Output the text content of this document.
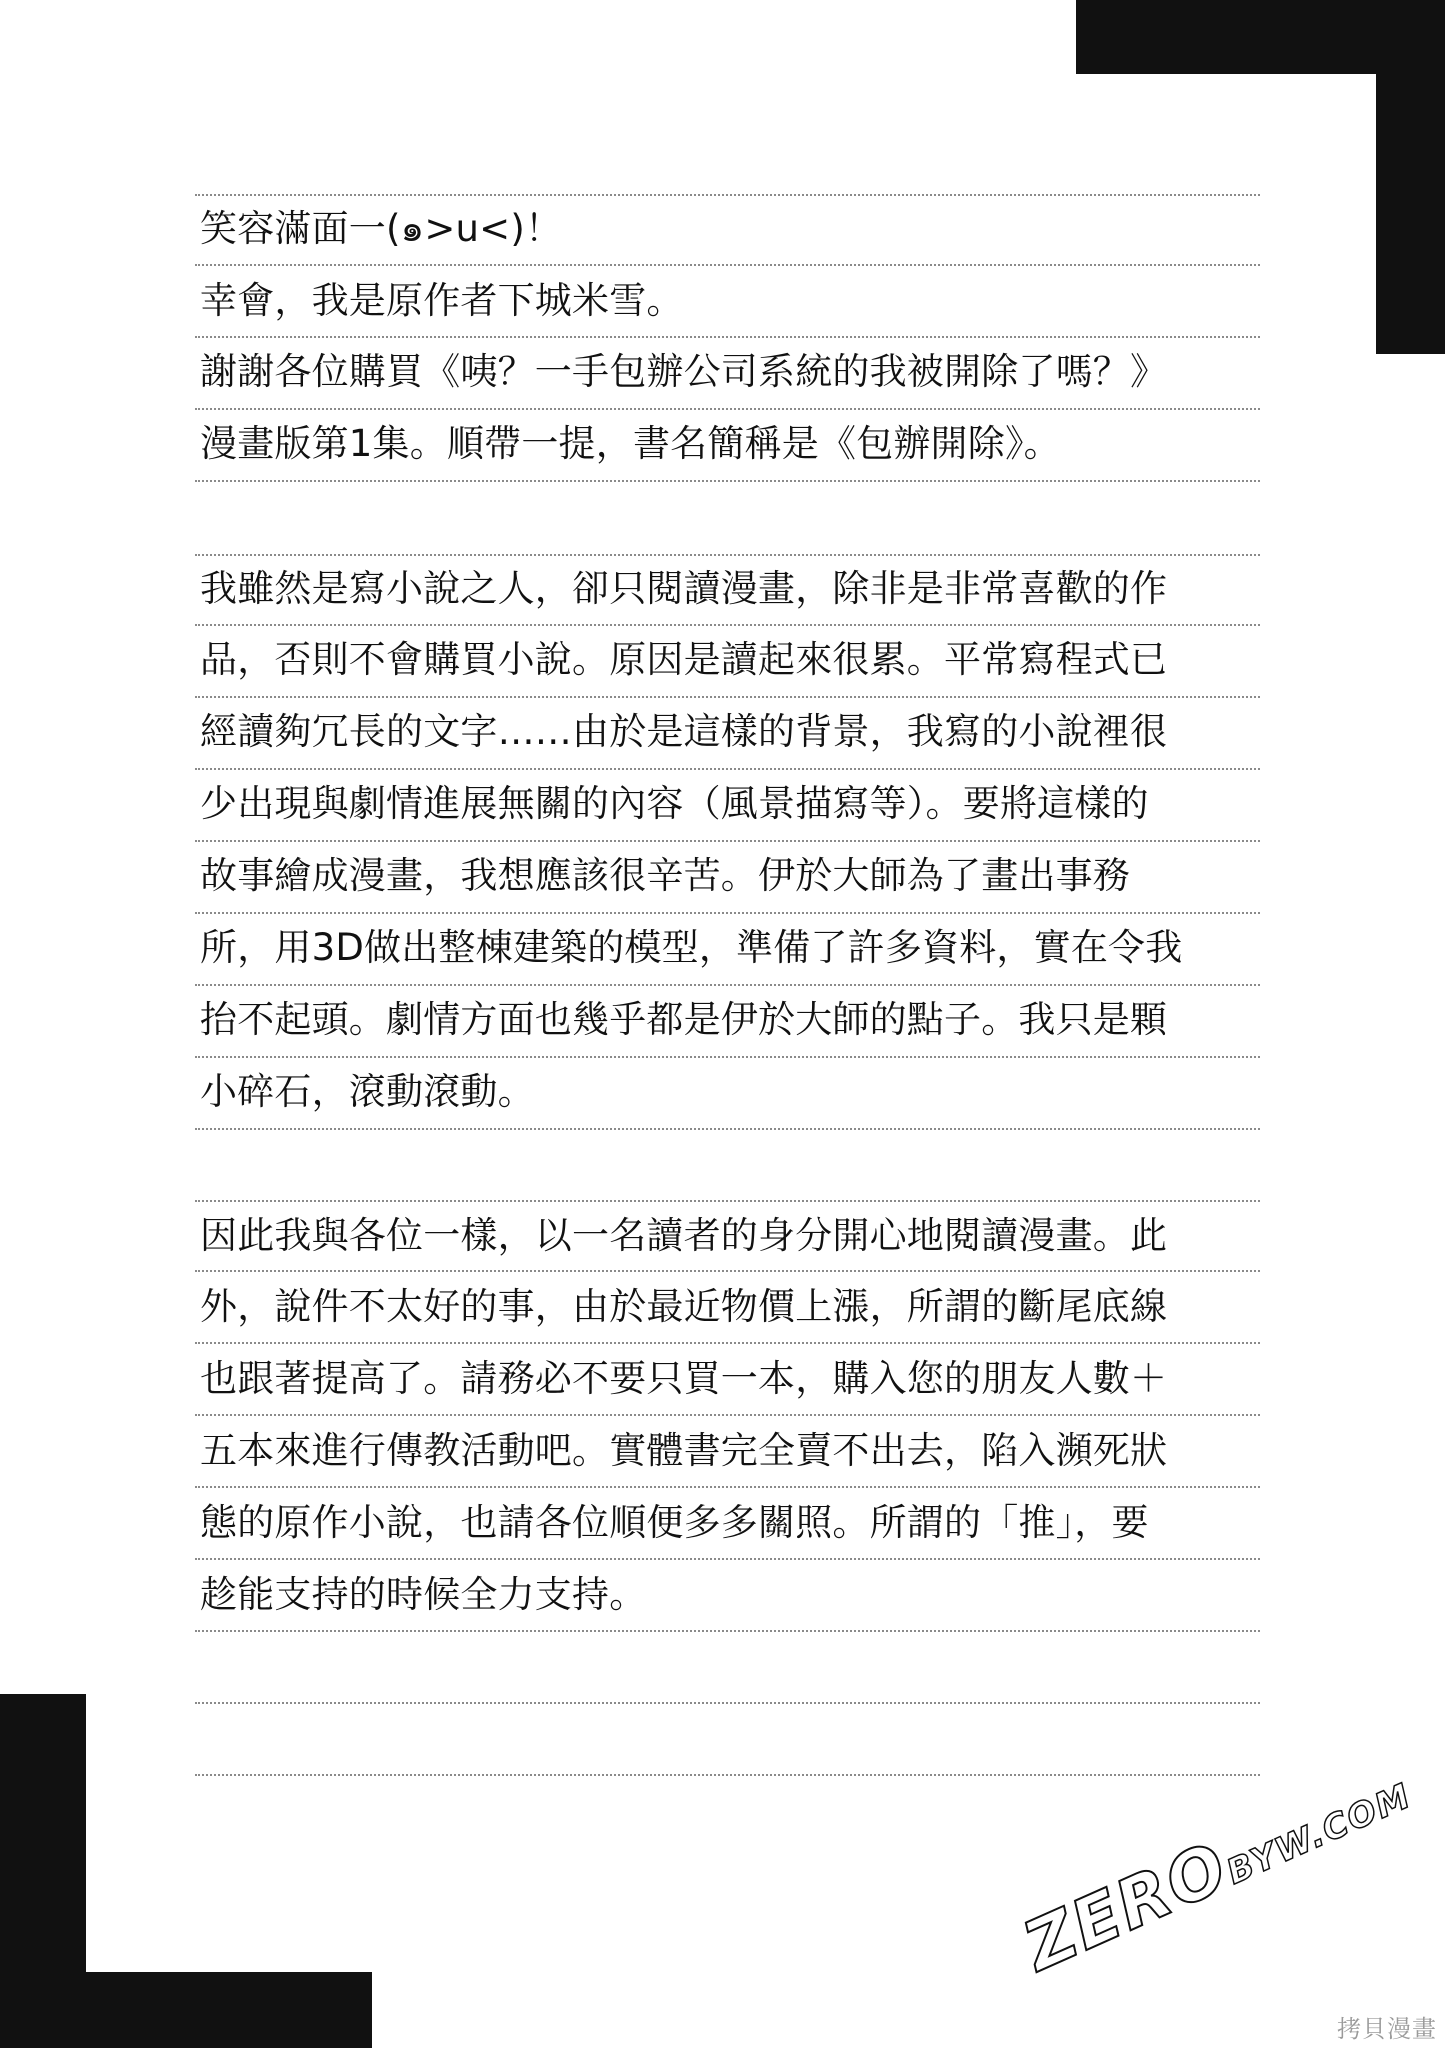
笑容滿面一(๑>u<)！
幸會，我是原作者下城米雪。
謝謝各位購買《咦？一手包辦公司系統的我被開除了嗎？》
漫畫版第1集。順帶一提，書名簡稱是《包辦開除》。
我雖然是寫小說之人，卻只閱讀漫畫，除非是非常喜歡的作
品，否則不會購買小說。原因是讀起來很累。平常寫程式已
經讀夠冗長的文字……由於是這樣的背景，我寫的小說裡很
少出現與劇情進展無關的內容（風景描寫等）。要將這樣的
故事繪成漫畫，我想應該很辛苦。伊於大師為了畫出事務
所，用3D做出整棟建築的模型，準備了許多資料，實在令我
抬不起頭。劇情方面也幾乎都是伊於大師的點子。我只是顆
小碎石，滾動滾動。
因此我與各位一樣，以一名讀者的身分開心地閱讀漫畫。此
外，說件不太好的事，由於最近物價上漲，所謂的斷尾底線
也跟著提高了。請務必不要只買一本，購入您的朋友人數＋
五本來進行傳教活動吧。實體書完全賣不出去，陷入瀕死狀
態的原作小說，也請各位順便多多關照。所謂的「推」，要
趁能支持的時候全力支持。
ZEROBYW.COM
拷貝漫畫
